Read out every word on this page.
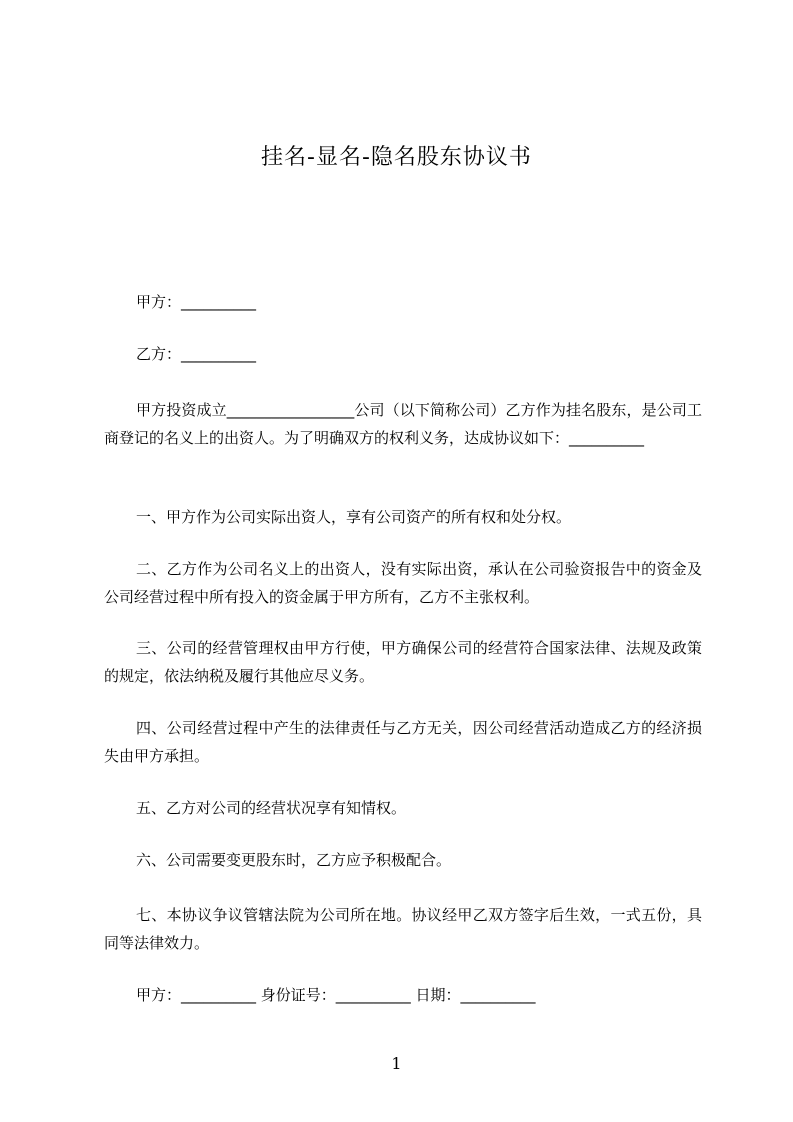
挂名-显名-隐名股东协议书

甲方：__________

乙方：__________

甲方投资成立_________________公司（以下简称公司）乙方作为挂名股东，是公司工商登记的名义上的出资人。为了明确双方的权利义务，达成协议如下：__________

一、甲方作为公司实际出资人，享有公司资产的所有权和处分权。

二、乙方作为公司名义上的出资人，没有实际出资，承认在公司验资报告中的资金及公司经营过程中所有投入的资金属于甲方所有，乙方不主张权利。

三、公司的经营管理权由甲方行使，甲方确保公司的经营符合国家法律、法规及政策的规定，依法纳税及履行其他应尽义务。

四、公司经营过程中产生的法律责任与乙方无关，因公司经营活动造成乙方的经济损失由甲方承担。

五、乙方对公司的经营状况享有知情权。

六、公司需要变更股东时，乙方应予积极配合。

七、本协议争议管辖法院为公司所在地。协议经甲乙双方签字后生效，一式五份，具同等法律效力。

甲方：__________ 身份证号：__________ 日期：__________

1
